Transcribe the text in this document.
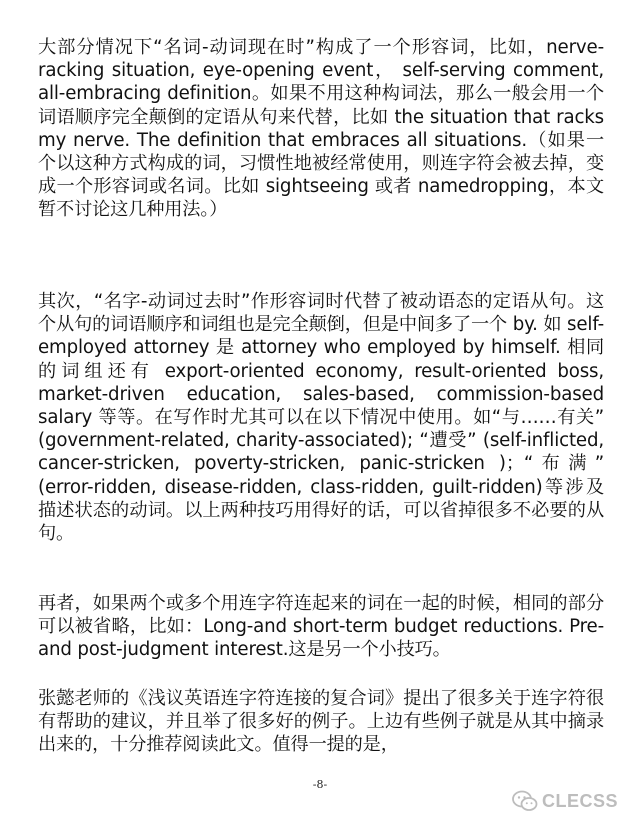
大部分情况下“名词-动词现在时”构成了一个形容词，比如，nerve-racking situation, eye-opening event， self-serving comment, all-embracing definition。如果不用这种构词法，那么一般会用一个词语顺序完全颠倒的定语从句来代替，比如 the situation that racks my nerve. The definition that embraces all situations.（如果一个以这种方式构成的词，习惯性地被经常使用，则连字符会被去掉，变成一个形容词或名词。比如 sightseeing 或者 namedropping，本文暂不讨论这几种用法。）

其次，“名字-动词过去时”作形容词时代替了被动语态的定语从句。这个从句的词语顺序和词组也是完全颠倒，但是中间多了一个 by. 如 self-employed attorney 是 attorney who employed by himself. 相同的词组还有 export-oriented economy, result-oriented boss, market-driven education, sales-based, commission-based salary 等等。在写作时尤其可以在以下情况中使用。如“与……有关” (government-related, charity-associated); “遭受” (self-inflicted, cancer-stricken, poverty-stricken, panic-stricken )；“布满” (error-ridden, disease-ridden, class-ridden, guilt-ridden)等涉及描述状态的动词。以上两种技巧用得好的话，可以省掉很多不必要的从句。

再者，如果两个或多个用连字符连起来的词在一起的时候，相同的部分可以被省略，比如：Long-and short-term budget reductions. Pre- and post-judgment interest.这是另一个小技巧。

张懿老师的《浅议英语连字符连接的复合词》提出了很多关于连字符很有帮助的建议，并且举了很多好的例子。上边有些例子就是从其中摘录出来的，十分推荐阅读此文。值得一提的是，

-8-
CLECSS
